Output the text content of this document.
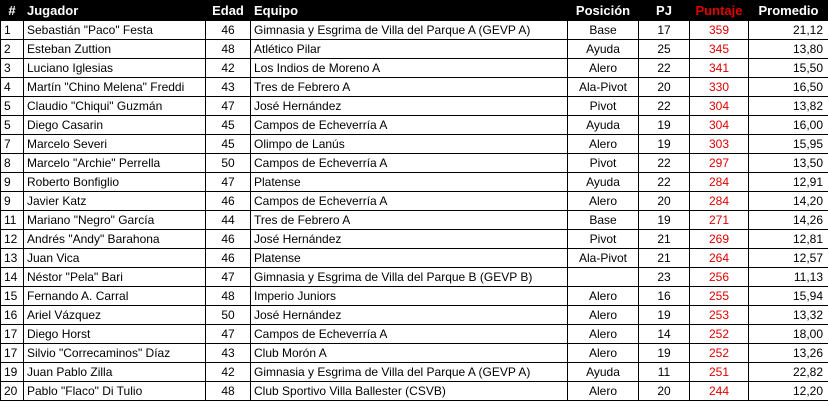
#	Jugador	Edad	Equipo	Posición	PJ	Puntaje	Promedio
1	Sebastián "Paco" Festa	46	Gimnasia y Esgrima de Villa del Parque A (GEVP A)	Base	17	359	21,12
2	Esteban Zuttion	48	Atlético Pilar	Ayuda	25	345	13,80
3	Luciano Iglesias	42	Los Indios de Moreno A	Alero	22	341	15,50
4	Martín "Chino Melena" Freddi	43	Tres de Febrero A	Ala-Pivot	20	330	16,50
5	Claudio "Chiqui" Guzmán	47	José Hernández	Pivot	22	304	13,82
5	Diego Casarin	45	Campos de Echeverría A	Ayuda	19	304	16,00
7	Marcelo Severi	45	Olimpo de Lanús	Alero	19	303	15,95
8	Marcelo "Archie" Perrella	50	Campos de Echeverría A	Pivot	22	297	13,50
9	Roberto Bonfiglio	47	Platense	Ayuda	22	284	12,91
9	Javier Katz	46	Campos de Echeverría A	Alero	20	284	14,20
11	Mariano "Negro" García	44	Tres de Febrero A	Base	19	271	14,26
12	Andrés "Andy" Barahona	46	José Hernández	Pivot	21	269	12,81
13	Juan Vica	46	Platense	Ala-Pivot	21	264	12,57
14	Néstor "Pela" Bari	47	Gimnasia y Esgrima de Villa del Parque B (GEVP B)		23	256	11,13
15	Fernando A. Carral	48	Imperio Juniors	Alero	16	255	15,94
16	Ariel Vázquez	50	José Hernández	Alero	19	253	13,32
17	Diego Horst	47	Campos de Echeverría A	Alero	14	252	18,00
17	Silvio "Correcaminos" Díaz	43	Club Morón A	Alero	19	252	13,26
19	Juan Pablo Zilla	42	Gimnasia y Esgrima de Villa del Parque A (GEVP A)	Ayuda	11	251	22,82
20	Pablo "Flaco" Di Tulio	48	Club Sportivo Villa Ballester (CSVB)	Alero	20	244	12,20
